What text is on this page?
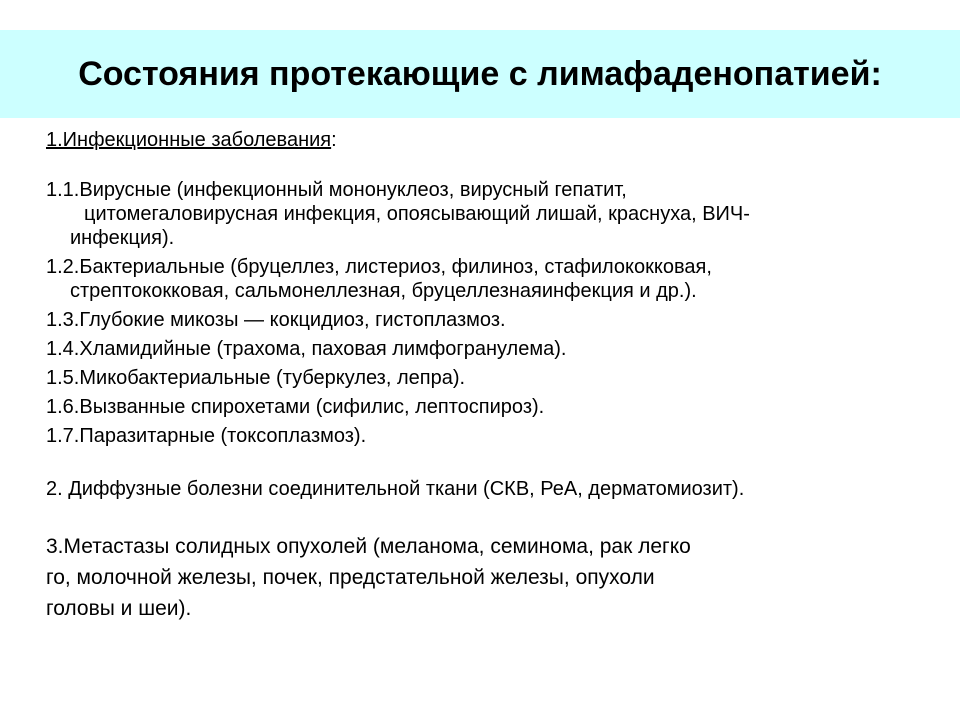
Состояния протекающие с лимафаденопатией:

1.Инфекционные заболевания:

1.1.Вирусные (инфекционный мононуклеоз, вирусный гепатит,

цитомегаловирусная инфекция, опоясывающий лишай, краснуха, ВИЧ-

инфекция).

1.2.Бактериальные (бруцеллез, листериоз, филиноз, стафилококковая,

стрептококковая, сальмонеллезная, бруцеллезнаяинфекция и др.).

1.3.Глубокие микозы — кокцидиоз, гистоплазмоз.

1.4.Хламидийные (трахома, паховая лимфогранулема).

1.5.Микобактериальные (туберкулез, лепра).

1.6.Вызванные спирохетами (сифилис, лептоспироз).

1.7.Паразитарные (токсоплазмоз).

2. Диффузные болезни соединительной ткани (СКВ, РеА, дерматомиозит).

3.Метастазы солидных опухолей (меланома, семинома, рак легко

го, молочной железы, почек, предстательной железы, опухоли

головы и шеи).
